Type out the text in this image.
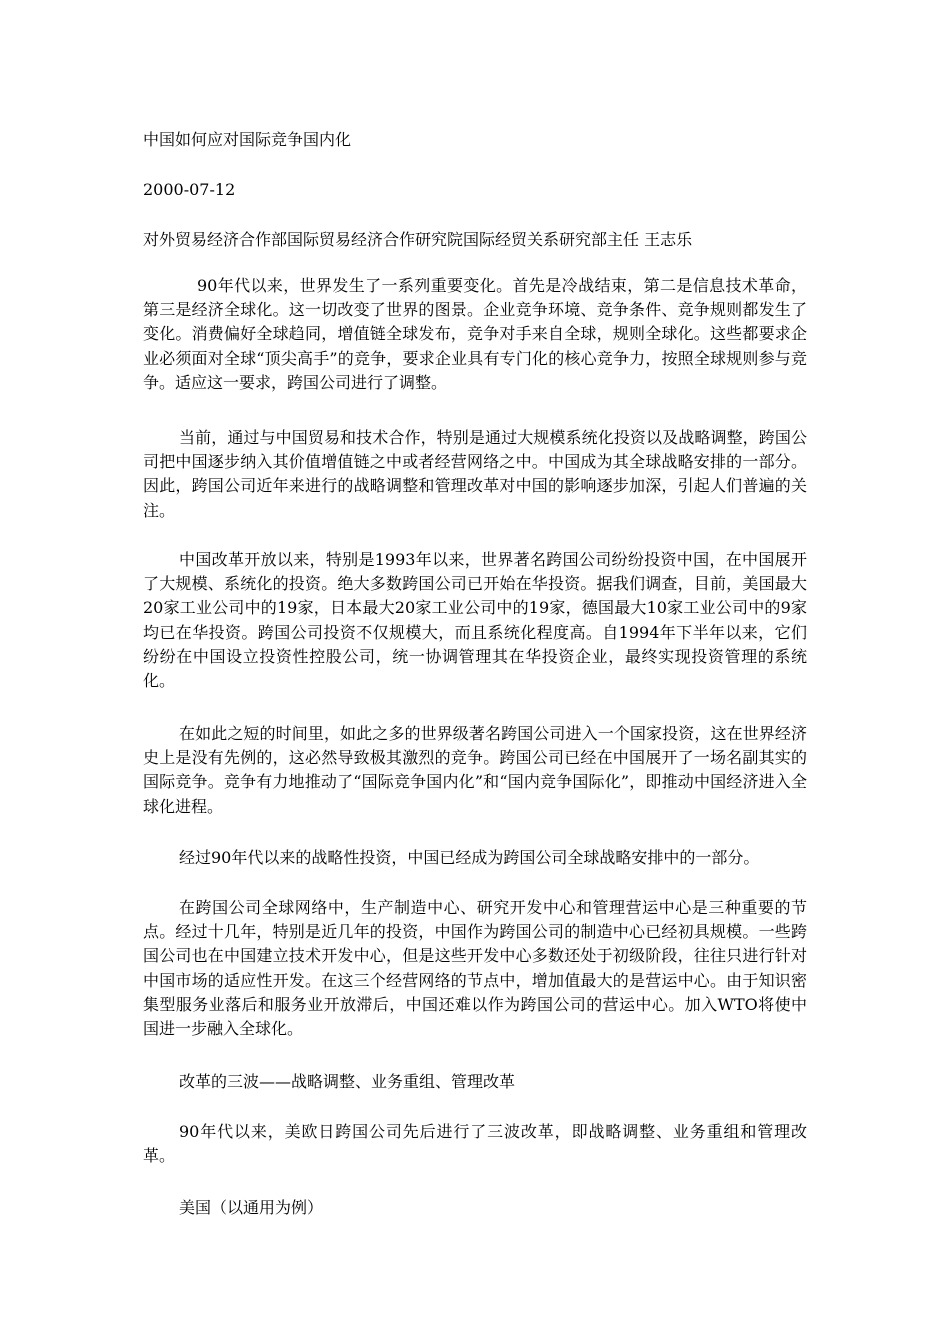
中国如何应对国际竞争国内化
2000-07-12
对外贸易经济合作部国际贸易经济合作研究院国际经贸关系研究部主任 王志乐
90年代以来，世界发生了一系列重要变化。首先是冷战结束，第二是信息技术革命，第三是经济全球化。这一切改变了世界的图景。企业竞争环境、竞争条件、竞争规则都发生了变化。消费偏好全球趋同，增值链全球发布，竞争对手来自全球，规则全球化。这些都要求企业必须面对全球“顶尖高手”的竞争，要求企业具有专门化的核心竞争力，按照全球规则参与竞争。适应这一要求，跨国公司进行了调整。
当前，通过与中国贸易和技术合作，特别是通过大规模系统化投资以及战略调整，跨国公司把中国逐步纳入其价值增值链之中或者经营网络之中。中国成为其全球战略安排的一部分。因此，跨国公司近年来进行的战略调整和管理改革对中国的影响逐步加深，引起人们普遍的关注。
中国改革开放以来，特别是1993年以来，世界著名跨国公司纷纷投资中国，在中国展开了大规模、系统化的投资。绝大多数跨国公司已开始在华投资。据我们调查，目前，美国最大20家工业公司中的19家，日本最大20家工业公司中的19家，德国最大10家工业公司中的9家均已在华投资。跨国公司投资不仅规模大，而且系统化程度高。自1994年下半年以来，它们纷纷在中国设立投资性控股公司，统一协调管理其在华投资企业，最终实现投资管理的系统化。
在如此之短的时间里，如此之多的世界级著名跨国公司进入一个国家投资，这在世界经济史上是没有先例的，这必然导致极其激烈的竞争。跨国公司已经在中国展开了一场名副其实的国际竞争。竞争有力地推动了“国际竞争国内化”和“国内竞争国际化”，即推动中国经济进入全球化进程。
经过90年代以来的战略性投资，中国已经成为跨国公司全球战略安排中的一部分。
在跨国公司全球网络中，生产制造中心、研究开发中心和管理营运中心是三种重要的节点。经过十几年，特别是近几年的投资，中国作为跨国公司的制造中心已经初具规模。一些跨国公司也在中国建立技术开发中心，但是这些开发中心多数还处于初级阶段，往往只进行针对中国市场的适应性开发。在这三个经营网络的节点中，增加值最大的是营运中心。由于知识密集型服务业落后和服务业开放滞后，中国还难以作为跨国公司的营运中心。加入WTO将使中国进一步融入全球化。
改革的三波——战略调整、业务重组、管理改革
90年代以来，美欧日跨国公司先后进行了三波改革，即战略调整、业务重组和管理改革。
美国（以通用为例）
